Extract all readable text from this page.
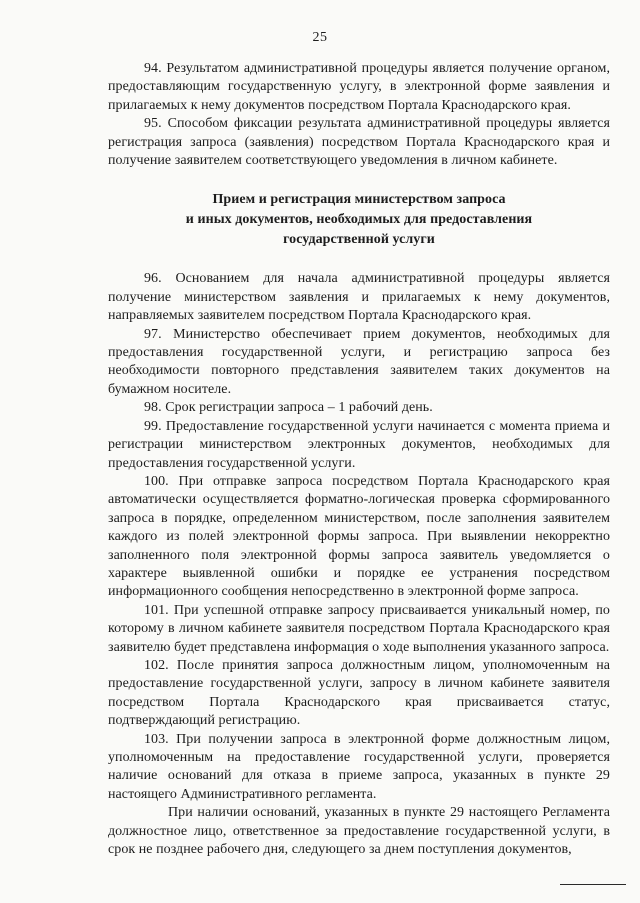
25

94. Результатом административной процедуры является получение органом, предоставляющим государственную услугу, в электронной форме заявления и прилагаемых к нему документов посредством Портала Краснодарского края.

95. Способом фиксации результата административной процедуры является регистрация запроса (заявления) посредством Портала Краснодарского края и получение заявителем соответствующего уведомления в личном кабинете.

Прием и регистрация министерством запроса

и иных документов, необходимых для предоставления

государственной услуги

96. Основанием для начала административной процедуры является получение министерством заявления и прилагаемых к нему документов, направляемых заявителем посредством Портала Краснодарского края.

97. Министерство обеспечивает прием документов, необходимых для предоставления государственной услуги, и регистрацию запроса без необходимости повторного представления заявителем таких документов на бумажном носителе.

98. Срок регистрации запроса – 1 рабочий день.

99. Предоставление государственной услуги начинается с момента приема и регистрации министерством электронных документов, необходимых для предоставления государственной услуги.

100. При отправке запроса посредством Портала Краснодарского края автоматически осуществляется форматно-логическая проверка сформированного запроса в порядке, определенном министерством, после заполнения заявителем каждого из полей электронной формы запроса. При выявлении некорректно заполненного поля электронной формы запроса заявитель уведомляется о характере выявленной ошибки и порядке ее устранения посредством информационного сообщения непосредственно в электронной форме запроса.

101. При успешной отправке запросу присваивается уникальный номер, по которому в личном кабинете заявителя посредством Портала Краснодарского края заявителю будет представлена информация о ходе выполнения указанного запроса.

102. После принятия запроса должностным лицом, уполномоченным на предоставление государственной услуги, запросу в личном кабинете заявителя посредством Портала Краснодарского края присваивается статус, подтверждающий регистрацию.

103. При получении запроса в электронной форме должностным лицом, уполномоченным на предоставление государственной услуги, проверяется наличие оснований для отказа в приеме запроса, указанных в пункте 29 настоящего Административного регламента.

При наличии оснований, указанных в пункте 29 настоящего Регламента должностное лицо, ответственное за предоставление государственной услуги, в срок не позднее рабочего дня, следующего за днем поступления документов,
